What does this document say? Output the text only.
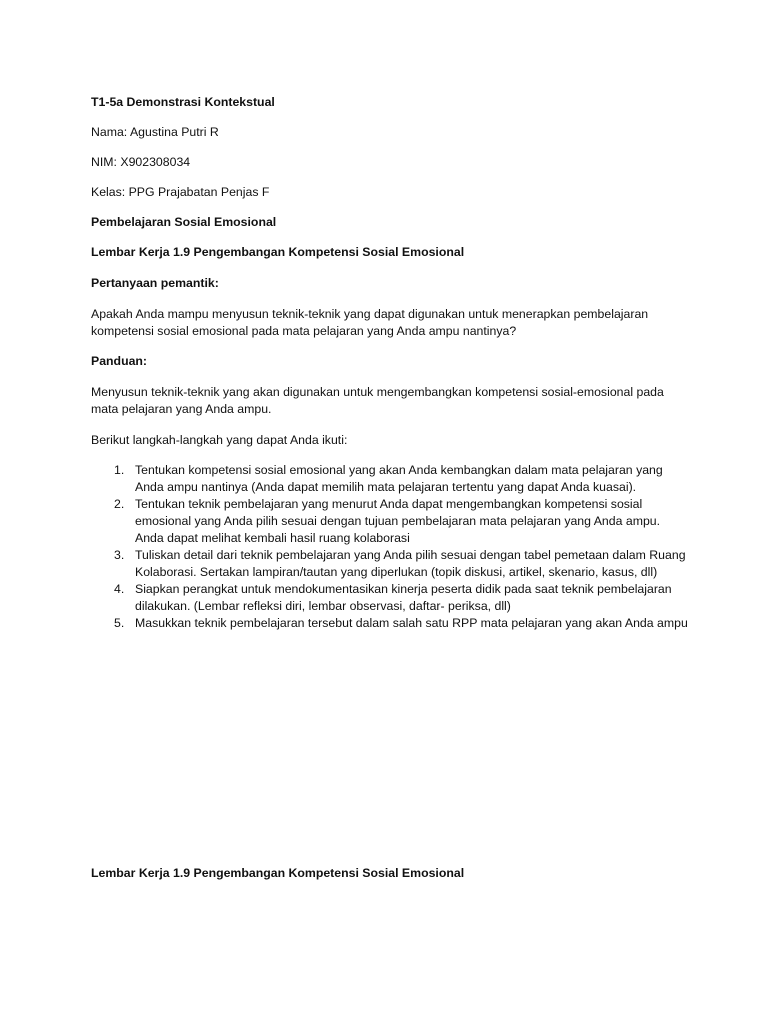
T1-5a Demonstrasi Kontekstual
Nama: Agustina Putri R
NIM: X902308034
Kelas: PPG Prajabatan Penjas F
Pembelajaran Sosial Emosional
Lembar Kerja 1.9 Pengembangan Kompetensi Sosial Emosional
Pertanyaan pemantik:
Apakah Anda mampu menyusun teknik-teknik yang dapat digunakan untuk menerapkan pembelajaran kompetensi sosial emosional pada mata pelajaran yang Anda ampu nantinya?
Panduan:
Menyusun teknik-teknik yang akan digunakan untuk mengembangkan kompetensi sosial-emosional pada mata pelajaran yang Anda ampu.
Berikut langkah-langkah yang dapat Anda ikuti:
1. Tentukan kompetensi sosial emosional yang akan Anda kembangkan dalam mata pelajaran yang Anda ampu nantinya (Anda dapat memilih mata pelajaran tertentu yang dapat Anda kuasai).
2. Tentukan teknik pembelajaran yang menurut Anda dapat mengembangkan kompetensi sosial emosional yang Anda pilih sesuai dengan tujuan pembelajaran mata pelajaran yang Anda ampu. Anda dapat melihat kembali hasil ruang kolaborasi
3. Tuliskan detail dari teknik pembelajaran yang Anda pilih sesuai dengan tabel pemetaan dalam Ruang Kolaborasi. Sertakan lampiran/tautan yang diperlukan (topik diskusi, artikel, skenario, kasus, dll)
4. Siapkan perangkat untuk mendokumentasikan kinerja peserta didik pada saat teknik pembelajaran dilakukan. (Lembar refleksi diri, lembar observasi, daftar- periksa, dll)
5. Masukkan teknik pembelajaran tersebut dalam salah satu RPP mata pelajaran yang akan Anda ampu
Lembar Kerja 1.9 Pengembangan Kompetensi Sosial Emosional
